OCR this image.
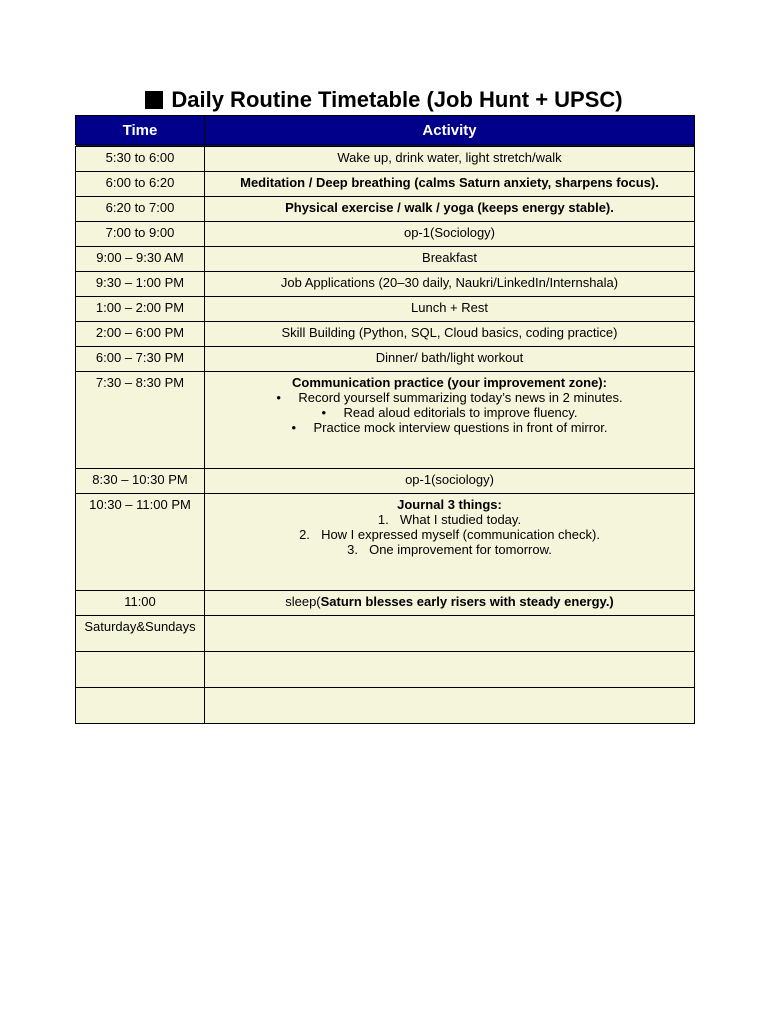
Daily Routine Timetable (Job Hunt + UPSC)
Time	Activity
5:30 to 6:00	Wake up, drink water, light stretch/walk
6:00 to 6:20	Meditation / Deep breathing (calms Saturn anxiety, sharpens focus).
6:20 to 7:00	Physical exercise / walk / yoga (keeps energy stable).
7:00 to 9:00	op-1(Sociology)
9:00 – 9:30 AM	Breakfast
9:30 – 1:00 PM	Job Applications (20–30 daily, Naukri/LinkedIn/Internshala)
1:00 – 2:00 PM	Lunch + Rest
2:00 – 6:00 PM	Skill Building (Python, SQL, Cloud basics, coding practice)
6:00 – 7:30 PM	Dinner/ bath/light workout
7:30 – 8:30 PM	Communication practice (your improvement zone):
• Record yourself summarizing today’s news in 2 minutes.
• Read aloud editorials to improve fluency.
• Practice mock interview questions in front of mirror.

8:30 – 10:30 PM	op-1(sociology)
10:30 – 11:00 PM	Journal 3 things:
1. What I studied today.
2. How I expressed myself (communication check).
3. One improvement for tomorrow.

11:00	sleep(Saturn blesses early risers with steady energy.)
Saturday&Sundays	
